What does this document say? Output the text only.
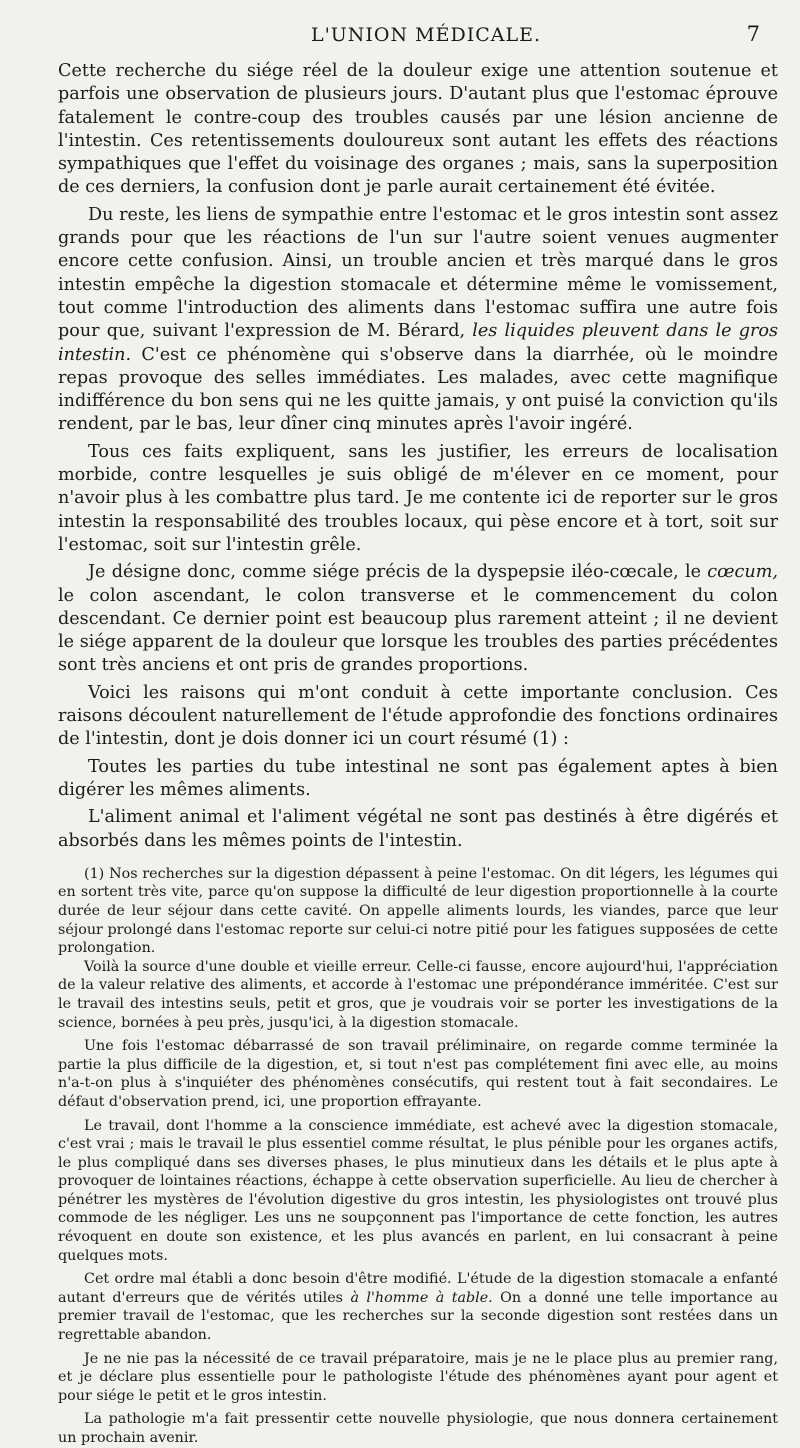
L'UNION MÉDICALE.	7

Cette recherche du siége réel de la douleur exige une attention soutenue et parfois une observation de plusieurs jours. D'autant plus que l'estomac éprouve fatalement le contre-coup des troubles causés par une lésion ancienne de l'intestin. Ces retentissements douloureux sont autant les effets des réactions sympathiques que l'effet du voisinage des organes ; mais, sans la superposition de ces derniers, la confusion dont je parle aurait certainement été évitée.

Du reste, les liens de sympathie entre l'estomac et le gros intestin sont assez grands pour que les réactions de l'un sur l'autre soient venues augmenter encore cette confusion. Ainsi, un trouble ancien et très marqué dans le gros intestin empêche la digestion stomacale et détermine même le vomissement, tout comme l'introduction des aliments dans l'estomac suffira une autre fois pour que, suivant l'expression de M. Bérard, les liquides pleuvent dans le gros intestin. C'est ce phénomène qui s'observe dans la diarrhée, où le moindre repas provoque des selles immédiates. Les malades, avec cette magnifique indifférence du bon sens qui ne les quitte jamais, y ont puisé la conviction qu'ils rendent, par le bas, leur dîner cinq minutes après l'avoir ingéré.

Tous ces faits expliquent, sans les justifier, les erreurs de localisation morbide, contre lesquelles je suis obligé de m'élever en ce moment, pour n'avoir plus à les combattre plus tard. Je me contente ici de reporter sur le gros intestin la responsabilité des troubles locaux, qui pèse encore et à tort, soit sur l'estomac, soit sur l'intestin grêle.

Je désigne donc, comme siége précis de la dyspepsie iléo-cœcale, le cœcum, le colon ascendant, le colon transverse et le commencement du colon descendant. Ce dernier point est beaucoup plus rarement atteint ; il ne devient le siége apparent de la douleur que lorsque les troubles des parties précédentes sont très anciens et ont pris de grandes proportions.

Voici les raisons qui m'ont conduit à cette importante conclusion. Ces raisons découlent naturellement de l'étude approfondie des fonctions ordinaires de l'intestin, dont je dois donner ici un court résumé (1) :

Toutes les parties du tube intestinal ne sont pas également aptes à bien digérer les mêmes aliments.

L'aliment animal et l'aliment végétal ne sont pas destinés à être digérés et absorbés dans les mêmes points de l'intestin.

(1) Nos recherches sur la digestion dépassent à peine l'estomac. On dit légers, les légumes qui en sortent très vite, parce qu'on suppose la difficulté de leur digestion proportionnelle à la courte durée de leur séjour dans cette cavité. On appelle aliments lourds, les viandes, parce que leur séjour prolongé dans l'estomac reporte sur celui-ci notre pitié pour les fatigues supposées de cette prolongation.

Voilà la source d'une double et vieille erreur. Celle-ci fausse, encore aujourd'hui, l'appréciation de la valeur relative des aliments, et accorde à l'estomac une prépondérance imméritée. C'est sur le travail des intestins seuls, petit et gros, que je voudrais voir se porter les investigations de la science, bornées à peu près, jusqu'ici, à la digestion stomacale.

Une fois l'estomac débarrassé de son travail préliminaire, on regarde comme terminée la partie la plus difficile de la digestion, et, si tout n'est pas complétement fini avec elle, au moins n'a-t-on plus à s'inquiéter des phénomènes consécutifs, qui restent tout à fait secondaires. Le défaut d'observation prend, ici, une proportion effrayante.

Le travail, dont l'homme a la conscience immédiate, est achevé avec la digestion stomacale, c'est vrai ; mais le travail le plus essentiel comme résultat, le plus pénible pour les organes actifs, le plus compliqué dans ses diverses phases, le plus minutieux dans les détails et le plus apte à provoquer de lointaines réactions, échappe à cette observation superficielle. Au lieu de chercher à pénétrer les mystères de l'évolution digestive du gros intestin, les physiologistes ont trouvé plus commode de les négliger. Les uns ne soupçonnent pas l'importance de cette fonction, les autres révoquent en doute son existence, et les plus avancés en parlent, en lui consacrant à peine quelques mots.

Cet ordre mal établi a donc besoin d'être modifié. L'étude de la digestion stomacale a enfanté autant d'erreurs que de vérités utiles à l'homme à table. On a donné une telle importance au premier travail de l'estomac, que les recherches sur la seconde digestion sont restées dans un regrettable abandon.

Je ne nie pas la nécessité de ce travail préparatoire, mais je ne le place plus au premier rang, et je déclare plus essentielle pour le pathologiste l'étude des phénomènes ayant pour agent et pour siége le petit et le gros intestin.

La pathologie m'a fait pressentir cette nouvelle physiologie, que nous donnera certainement un prochain avenir.
